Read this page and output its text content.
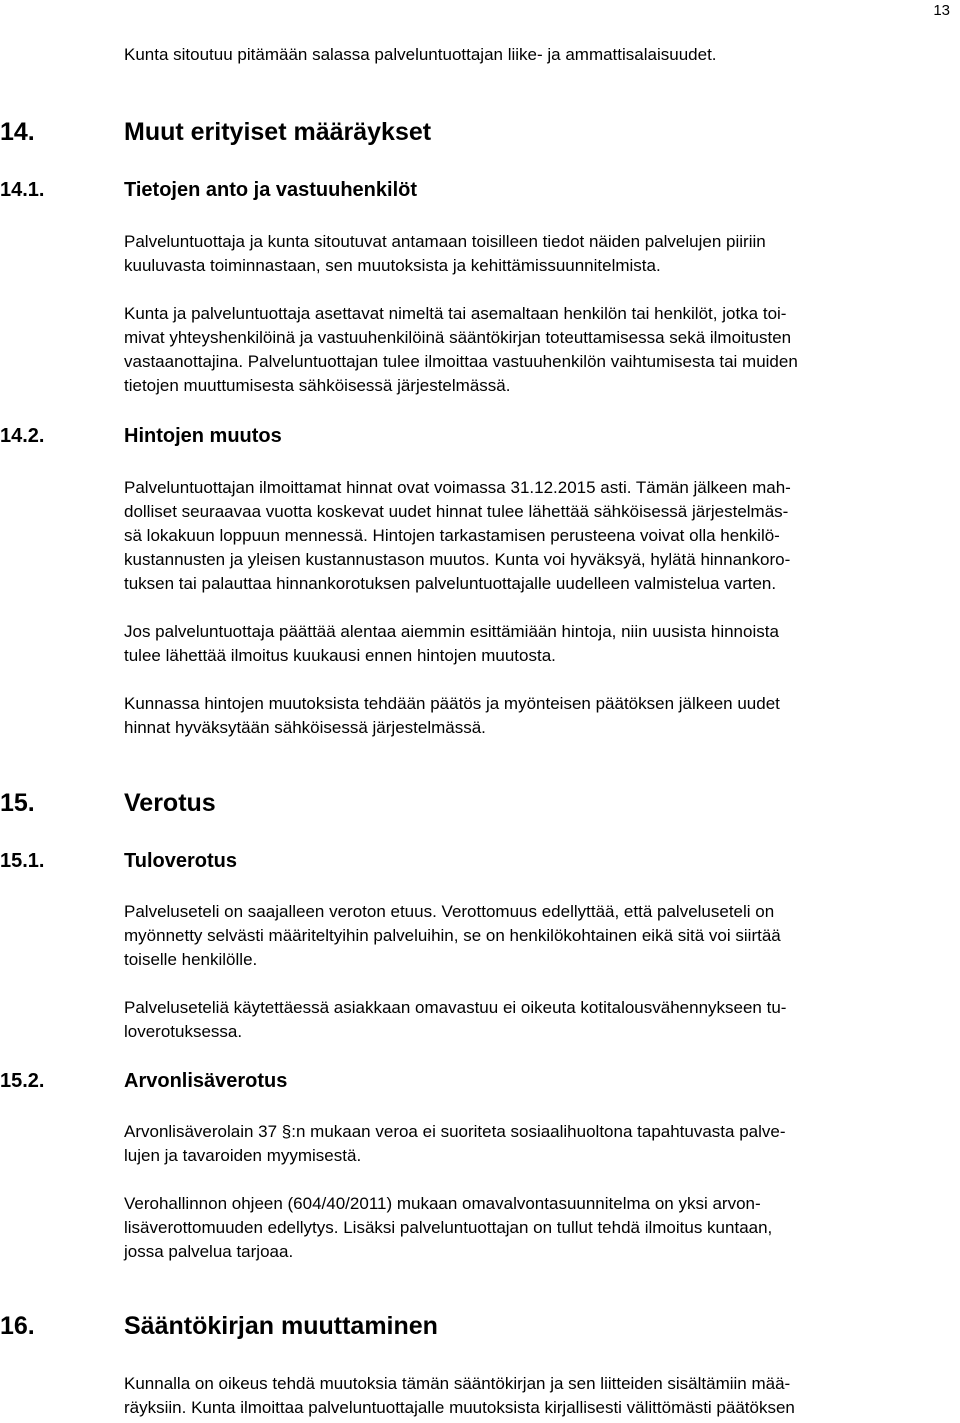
13

Kunta sitoutuu pitämään salassa palveluntuottajan liike- ja ammattisalaisuudet.

14.	Muut erityiset määräykset
14.1.	Tietojen anto ja vastuuhenkilöt

Palveluntuottaja ja kunta sitoutuvat antamaan toisilleen tiedot näiden palvelujen piiriin
kuuluvasta toiminnastaan, sen muutoksista ja kehittämissuunnitelmista.

Kunta ja palveluntuottaja asettavat nimeltä tai asemaltaan henkilön tai henkilöt, jotka toi-
mivat yhteyshenkilöinä ja vastuuhenkilöinä sääntökirjan toteuttamisessa sekä ilmoitusten
vastaanottajina. Palveluntuottajan tulee ilmoittaa vastuuhenkilön vaihtumisesta tai muiden
tietojen muuttumisesta sähköisessä järjestelmässä.

14.2.	Hintojen muutos

Palveluntuottajan ilmoittamat hinnat ovat voimassa 31.12.2015 asti. Tämän jälkeen mah-
dolliset seuraavaa vuotta koskevat uudet hinnat tulee lähettää sähköisessä järjestelmäs-
sä lokakuun loppuun mennessä. Hintojen tarkastamisen perusteena voivat olla henkilö-
kustannusten ja yleisen kustannustason muutos. Kunta voi hyväksyä, hylätä hinnankoro-
tuksen tai palauttaa hinnankorotuksen palveluntuottajalle uudelleen valmistelua varten.

Jos palveluntuottaja päättää alentaa aiemmin esittämiään hintoja, niin uusista hinnoista
tulee lähettää ilmoitus kuukausi ennen hintojen muutosta.

Kunnassa hintojen muutoksista tehdään päätös ja myönteisen päätöksen jälkeen uudet
hinnat hyväksytään sähköisessä järjestelmässä.

15.	Verotus
15.1.	Tuloverotus

Palveluseteli on saajalleen veroton etuus. Verottomuus edellyttää, että palveluseteli on
myönnetty selvästi määriteltyihin palveluihin, se on henkilökohtainen eikä sitä voi siirtää
toiselle henkilölle.

Palveluseteliä käytettäessä asiakkaan omavastuu ei oikeuta kotitalousvähennykseen tu-
loverotuksessa.

15.2.	Arvonlisäverotus

Arvonlisäverolain 37 §:n mukaan veroa ei suoriteta sosiaalihuoltona tapahtuvasta palve-
lujen ja tavaroiden myymisestä.

Verohallinnon ohjeen (604/40/2011) mukaan omavalvontasuunnitelma on yksi arvon-
lisäverottomuuden edellytys. Lisäksi palveluntuottajan on tullut tehdä ilmoitus kuntaan,
jossa palvelua tarjoaa.

16.	Sääntökirjan muuttaminen

Kunnalla on oikeus tehdä muutoksia tämän sääntökirjan ja sen liitteiden sisältämiin mää-
räyksiin. Kunta ilmoittaa palveluntuottajalle muutoksista kirjallisesti välittömästi päätöksen
